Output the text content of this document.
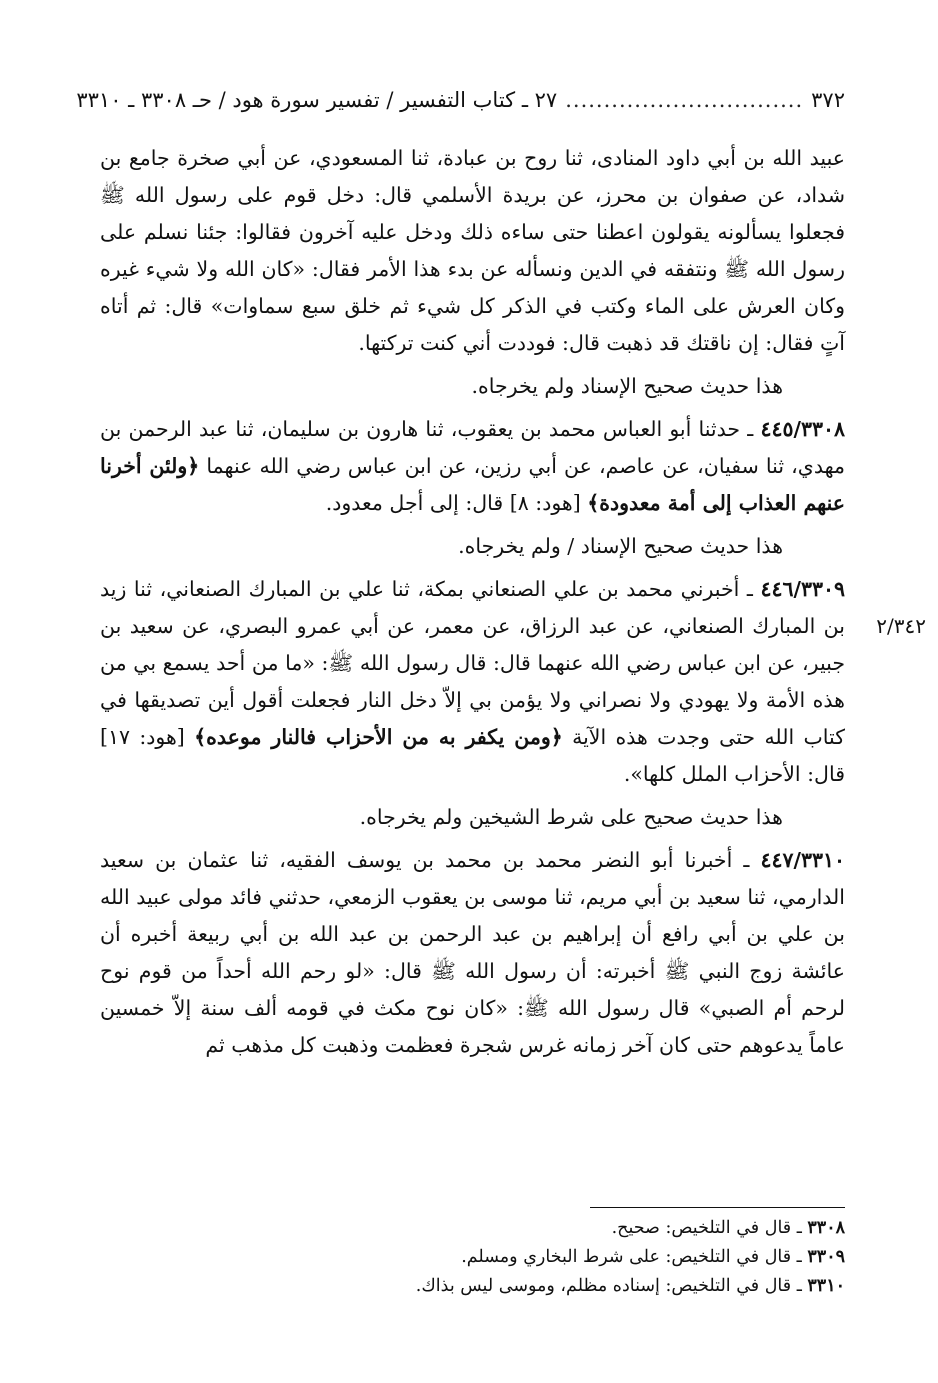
٣٧٢
...............................
٢٧ ـ كتاب التفسير / تفسير سورة هود / حـ ٣٣٠٨ ـ ٣٣١٠
٢/٣٤٢

عبيد الله بن أبي داود المنادى، ثنا روح بن عبادة، ثنا المسعودي، عن أبي صخرة جامع بن شداد، عن صفوان بن محرز، عن بريدة الأسلمي قال: دخل قوم على رسول الله ﷺ فجعلوا يسألونه يقولون اعطنا حتى ساءه ذلك ودخل عليه آخرون فقالوا: جئنا نسلم على رسول الله ﷺ ونتفقه في الدين ونسأله عن بدء هذا الأمر فقال: «كان الله ولا شيء غيره وكان العرش على الماء وكتب في الذكر كل شيء ثم خلق سبع سماوات» قال: ثم أتاه آتٍ فقال: إن ناقتك قد ذهبت قال: فوددت أني كنت تركتها.

هذا حديث صحيح الإسناد ولم يخرجاه.

٤٤٥/٣٣٠٨ ـ حدثنا أبو العباس محمد بن يعقوب، ثنا هارون بن سليمان، ثنا عبد الرحمن بن مهدي، ثنا سفيان، عن عاصم، عن أبي رزين، عن ابن عباس رضي الله عنهما ﴿ولئن أخرنا عنهم العذاب إلى أمة معدودة﴾ [هود: ٨] قال: إلى أجل معدود.

هذا حديث صحيح الإسناد / ولم يخرجاه.

٤٤٦/٣٣٠٩ ـ أخبرني محمد بن علي الصنعاني بمكة، ثنا علي بن المبارك الصنعاني، ثنا زيد بن المبارك الصنعاني، عن عبد الرزاق، عن معمر، عن أبي عمرو البصري، عن سعيد بن جبير، عن ابن عباس رضي الله عنهما قال: قال رسول الله ﷺ: «ما من أحد يسمع بي من هذه الأمة ولا يهودي ولا نصراني ولا يؤمن بي إلاّ دخل النار فجعلت أقول أين تصديقها في كتاب الله حتى وجدت هذه الآية ﴿ومن يكفر به من الأحزاب فالنار موعده﴾ [هود: ١٧] قال: الأحزاب الملل كلها».

هذا حديث صحيح على شرط الشيخين ولم يخرجاه.

٤٤٧/٣٣١٠ ـ أخبرنا أبو النضر محمد بن محمد بن يوسف الفقيه، ثنا عثمان بن سعيد الدارمي، ثنا سعيد بن أبي مريم، ثنا موسى بن يعقوب الزمعي، حدثني فائد مولى عبيد الله بن علي بن أبي رافع أن إبراهيم بن عبد الرحمن بن عبد الله بن أبي ربيعة أخبره أن عائشة زوج النبي ﷺ أخبرته: أن رسول الله ﷺ قال: «لو رحم الله أحداً من قوم نوح لرحم أم الصبي» قال رسول الله ﷺ: «كان نوح مكث في قومه ألف سنة إلاّ خمسين عاماً يدعوهم حتى كان آخر زمانه غرس شجرة فعظمت وذهبت كل مذهب ثم

٣٣٠٨ ـ قال في التلخيص: صحيح.
٣٣٠٩ ـ قال في التلخيص: على شرط البخاري ومسلم.
٣٣١٠ ـ قال في التلخيص: إسناده مظلم، وموسى ليس بذاك.
